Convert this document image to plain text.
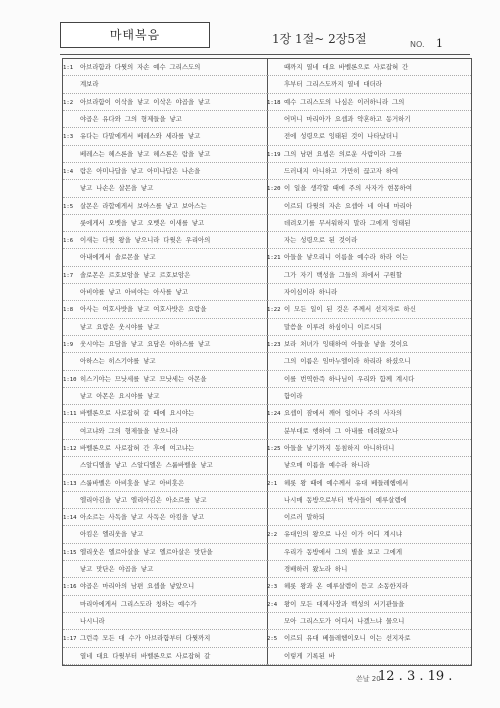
마태복음	1장 1절~ 2장5절	NO. 1
1:1 아브라함과 다윗의 자손 예수 그리스도의
계보라
1:2 아브라함이 이삭을 낳고 이삭은 야곱을 낳고
야곱은 유다와 그의 형제들을 낳고
1:3 유다는 다말에게서 베레스와 세라를 낳고
베레스는 헤스론을 낳고 헤스론은 람을 낳고
1:4 람은 아미나답을 낳고 아미나답은 나손을
낳고 나손은 살몬을 낳고
1:5 살몬은 라합에게서 보아스를 낳고 보아스는
룻에게서 오벳을 낳고 오벳은 이새를 낳고
1:6 이새는 다윗 왕을 낳으니라 다윗은 우리아의
아내에게서 솔로몬을 낳고
1:7 솔로몬은 르호보암을 낳고 르호보암은
아비야를 낳고 아비야는 아사를 낳고
1:8 아사는 여호사밧을 낳고 여호사밧은 요람을
낳고 요람은 웃시야를 낳고
1:9 웃시야는 요담을 낳고 요담은 아하스를 낳고
아하스는 히스기야를 낳고
1:10 히스기야는 므낫세를 낳고 므낫세는 아몬을
낳고 아몬은 요시야를 낳고
1:11 바벨론으로 사로잡혀 갈 때에 요시야는
여고냐와 그의 형제들을 낳으니라
1:12 바벨론으로 사로잡혀 간 후에 여고냐는
스알디엘을 낳고 스알디엘은 스룹바벨을 낳고
1:13 스룹바벨은 아비훗을 낳고 아비훗은
엘리아김을 낳고 엘리아김은 아소르를 낳고
1:14 아소르는 사독을 낳고 사독은 아킴을 낳고
아킴은 엘리웃을 낳고
1:15 엘리웃은 엘르아살을 낳고 엘르아살은 맛단을
낳고 맛단은 야곱을 낳고
1:16 야곱은 마리아의 남편 요셉을 낳았으니
마리아에게서 그리스도라 칭하는 예수가
나시니라
1:17 그런즉 모든 대 수가 아브라함부터 다윗까지
열네 대요 다윗부터 바벨론으로 사로잡혀 갈
때까지 열네 대요 바벨론으로 사로잡혀 간
후부터 그리스도까지 열네 대더라
1:18 예수 그리스도의 나심은 이러하니라 그의
어머니 마리아가 요셉과 약혼하고 동거하기
전에 성령으로 잉태된 것이 나타났더니
1:19 그의 남편 요셉은 의로운 사람이라 그를
드러내지 아니하고 가만히 끊고자 하여
1:20 이 일을 생각할 때에 주의 사자가 현몽하여
이르되 다윗의 자손 요셉아 네 아내 마리아
데려오기를 무서워하지 말라 그에게 잉태된
자는 성령으로 된 것이라
1:21 아들을 낳으리니 이름을 예수라 하라 이는
그가 자기 백성을 그들의 죄에서 구원할
자이심이라 하니라
1:22 이 모든 일이 된 것은 주께서 선지자로 하신
말씀을 이루려 하심이니 이르시되
1:23 보라 처녀가 잉태하여 아들을 낳을 것이요
그의 이름은 임마누엘이라 하리라 하셨으니
이를 번역한즉 하나님이 우리와 함께 계시다
함이라
1:24 요셉이 잠에서 깨어 일어나 주의 사자의
분부대로 행하여 그 아내를 데려왔으나
1:25 아들을 낳기까지 동침하지 아니하더니
낳으매 이름을 예수라 하니라
2:1 헤롯 왕 때에 예수께서 유대 베들레헴에서
나시매 동방으로부터 박사들이 예루살렘에
이르러 말하되
2:2 유대인의 왕으로 나신 이가 어디 계시냐
우리가 동방에서 그의 별을 보고 그에게
경배하러 왔노라 하니
2:3 헤롯 왕과 온 예루살렘이 듣고 소동한지라
2:4 왕이 모든 대제사장과 백성의 서기관들을
모아 그리스도가 어디서 나겠느냐 물으니
2:5 이르되 유대 베들레헴이오니 이는 선지자로
이렇게 기록된 바
쓴날 20
12 . 3 . 19 .
